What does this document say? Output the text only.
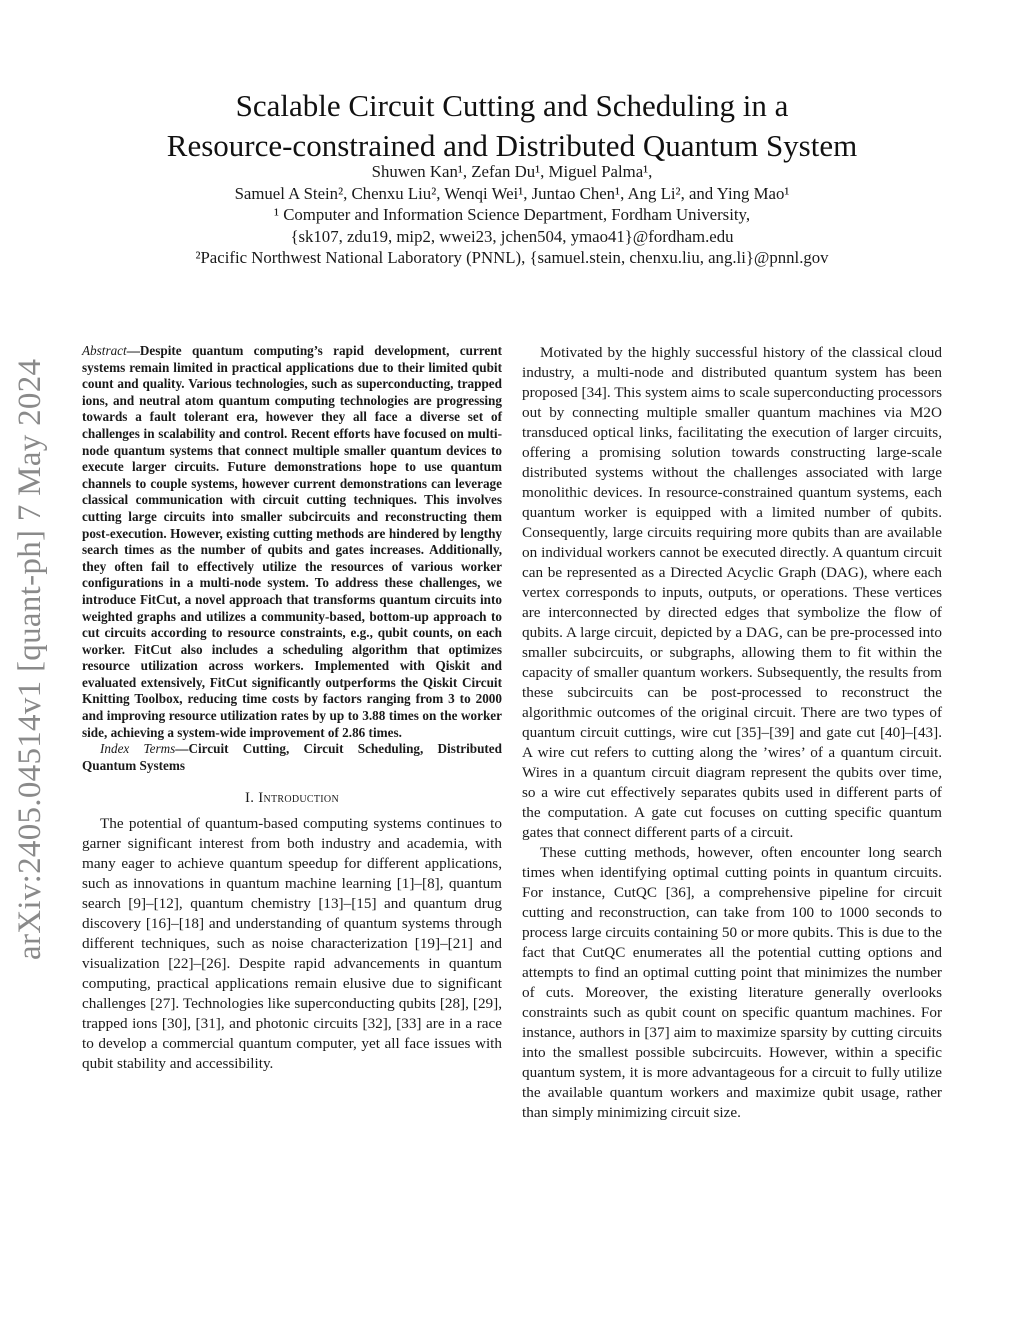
arXiv:2405.04514v1 [quant-ph] 7 May 2024
Scalable Circuit Cutting and Scheduling in a
Resource-constrained and Distributed Quantum System
Shuwen Kan¹, Zefan Du¹, Miguel Palma¹,
Samuel A Stein², Chenxu Liu², Wenqi Wei¹, Juntao Chen¹, Ang Li², and Ying Mao¹
¹ Computer and Information Science Department, Fordham University,
{sk107, zdu19, mip2, wwei23, jchen504, ymao41}@fordham.edu
²Pacific Northwest National Laboratory (PNNL), {samuel.stein, chenxu.liu, ang.li}@pnnl.gov
Abstract—Despite quantum computing’s rapid development, current systems remain limited in practical applications due to their limited qubit count and quality. Various technologies, such as superconducting, trapped ions, and neutral atom quantum computing technologies are progressing towards a fault tolerant era, however they all face a diverse set of challenges in scalability and control. Recent efforts have focused on multi-node quantum systems that connect multiple smaller quantum devices to execute larger circuits. Future demonstrations hope to use quantum channels to couple systems, however current demonstrations can leverage classical communication with circuit cutting techniques. This involves cutting large circuits into smaller subcircuits and reconstructing them post-execution. However, existing cutting methods are hindered by lengthy search times as the number of qubits and gates increases. Additionally, they often fail to effectively utilize the resources of various worker configurations in a multi-node system. To address these challenges, we introduce FitCut, a novel approach that transforms quantum circuits into weighted graphs and utilizes a community-based, bottom-up approach to cut circuits according to resource constraints, e.g., qubit counts, on each worker. FitCut also includes a scheduling algorithm that optimizes resource utilization across workers. Implemented with Qiskit and evaluated extensively, FitCut significantly outperforms the Qiskit Circuit Knitting Toolbox, reducing time costs by factors ranging from 3 to 2000 and improving resource utilization rates by up to 3.88 times on the worker side, achieving a system-wide improvement of 2.86 times.
Index Terms—Circuit Cutting, Circuit Scheduling, Distributed Quantum Systems
I. Introduction

The potential of quantum-based computing systems continues to garner significant interest from both industry and academia, with many eager to achieve quantum speedup for different applications, such as innovations in quantum machine learning [1]–[8], quantum search [9]–[12], quantum chemistry [13]–[15] and quantum drug discovery [16]–[18] and understanding of quantum systems through different techniques, such as noise characterization [19]–[21] and visualization [22]–[26]. Despite rapid advancements in quantum computing, practical applications remain elusive due to significant challenges [27]. Technologies like superconducting qubits [28], [29], trapped ions [30], [31], and photonic circuits [32], [33] are in a race to develop a commercial quantum computer, yet all face issues with qubit stability and accessibility.

Motivated by the highly successful history of the classical cloud industry, a multi-node and distributed quantum system has been proposed [34]. This system aims to scale superconducting processors out by connecting multiple smaller quantum machines via M2O transduced optical links, facilitating the execution of larger circuits, offering a promising solution towards constructing large-scale distributed systems without the challenges associated with large monolithic devices. In resource-constrained quantum systems, each quantum worker is equipped with a limited number of qubits. Consequently, large circuits requiring more qubits than are available on individual workers cannot be executed directly. A quantum circuit can be represented as a Directed Acyclic Graph (DAG), where each vertex corresponds to inputs, outputs, or operations. These vertices are interconnected by directed edges that symbolize the flow of qubits. A large circuit, depicted by a DAG, can be pre-processed into smaller subcircuits, or subgraphs, allowing them to fit within the capacity of smaller quantum workers. Subsequently, the results from these subcircuits can be post-processed to reconstruct the algorithmic outcomes of the original circuit. There are two types of quantum circuit cuttings, wire cut [35]–[39] and gate cut [40]–[43]. A wire cut refers to cutting along the ’wires’ of a quantum circuit. Wires in a quantum circuit diagram represent the qubits over time, so a wire cut effectively separates qubits used in different parts of the computation. A gate cut focuses on cutting specific quantum gates that connect different parts of a circuit.

These cutting methods, however, often encounter long search times when identifying optimal cutting points in quantum circuits. For instance, CutQC [36], a comprehensive pipeline for circuit cutting and reconstruction, can take from 100 to 1000 seconds to process large circuits containing 50 or more qubits. This is due to the fact that CutQC enumerates all the potential cutting options and attempts to find an optimal cutting point that minimizes the number of cuts. Moreover, the existing literature generally overlooks constraints such as qubit count on specific quantum machines. For instance, authors in [37] aim to maximize sparsity by cutting circuits into the smallest possible subcircuits. However, within a specific quantum system, it is more advantageous for a circuit to fully utilize the available quantum workers and maximize qubit usage, rather than simply minimizing circuit size.
